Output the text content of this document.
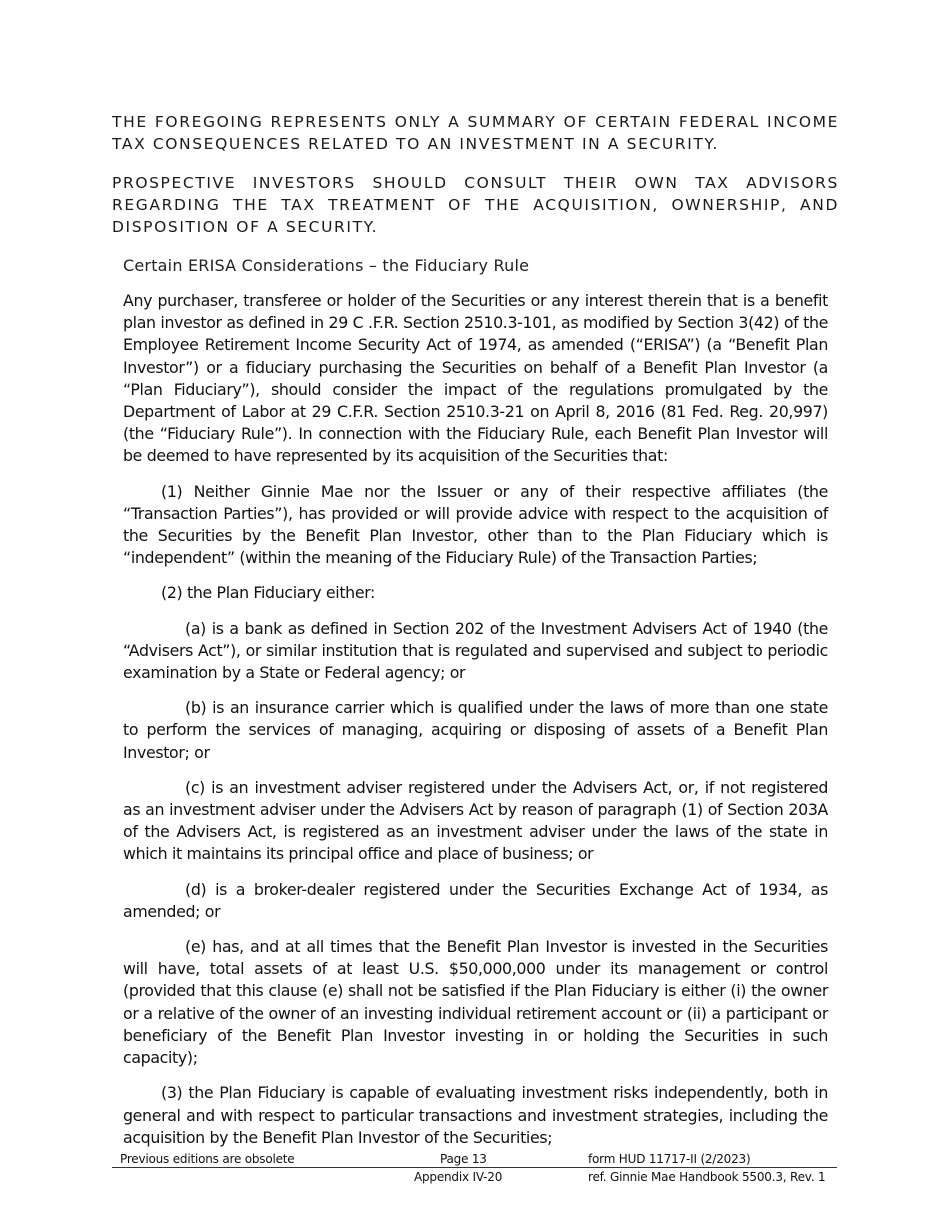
THE FOREGOING REPRESENTS ONLY A SUMMARY OF CERTAIN FEDERAL INCOME TAX CONSEQUENCES RELATED TO AN INVESTMENT IN A SECURITY.
PROSPECTIVE INVESTORS SHOULD CONSULT THEIR OWN TAX ADVISORS REGARDING THE TAX TREATMENT OF THE ACQUISITION, OWNERSHIP, AND DISPOSITION OF A SECURITY.

Certain ERISA Considerations – the Fiduciary Rule

Any purchaser, transferee or holder of the Securities or any interest therein that is a benefit plan investor as defined in 29 C .F.R. Section 2510.3-101, as modified by Section 3(42) of the Employee Retirement Income Security Act of 1974, as amended (“ERISA”) (a “Benefit Plan Investor”) or a fiduciary purchasing the Securities on behalf of a Benefit Plan Investor (a “Plan Fiduciary”), should consider the impact of the regulations promulgated by the Department of Labor at 29 C.F.R. Section 2510.3-21 on April 8, 2016 (81 Fed. Reg. 20,997) (the “Fiduciary Rule”). In connection with the Fiduciary Rule, each Benefit Plan Investor will be deemed to have represented by its acquisition of the Securities that:

(1) Neither Ginnie Mae nor the Issuer or any of their respective affiliates (the “Transaction Parties”), has provided or will provide advice with respect to the acquisition of the Securities by the Benefit Plan Investor, other than to the Plan Fiduciary which is “independent” (within the meaning of the Fiduciary Rule) of the Transaction Parties;

(2) the Plan Fiduciary either:

(a) is a bank as defined in Section 202 of the Investment Advisers Act of 1940 (the “Advisers Act”), or similar institution that is regulated and supervised and subject to periodic examination by a State or Federal agency; or

(b) is an insurance carrier which is qualified under the laws of more than one state to perform the services of managing, acquiring or disposing of assets of a Benefit Plan Investor; or

(c) is an investment adviser registered under the Advisers Act, or, if not registered as an investment adviser under the Advisers Act by reason of paragraph (1) of Section 203A of the Advisers Act, is registered as an investment adviser under the laws of the state in which it maintains its principal office and place of business; or

(d) is a broker-dealer registered under the Securities Exchange Act of 1934, as amended; or

(e) has, and at all times that the Benefit Plan Investor is invested in the Securities will have, total assets of at least U.S. $50,000,000 under its management or control (provided that this clause (e) shall not be satisfied if the Plan Fiduciary is either (i) the owner or a relative of the owner of an investing individual retirement account or (ii) a participant or beneficiary of the Benefit Plan Investor investing in or holding the Securities in such capacity);

(3) the Plan Fiduciary is capable of evaluating investment risks independently, both in general and with respect to particular transactions and investment strategies, including the acquisition by the Benefit Plan Investor of the Securities;

Previous editions are obsolete	Page 13	form HUD 11717-II (2/2023)
Appendix IV-20	ref. Ginnie Mae Handbook 5500.3, Rev. 1
